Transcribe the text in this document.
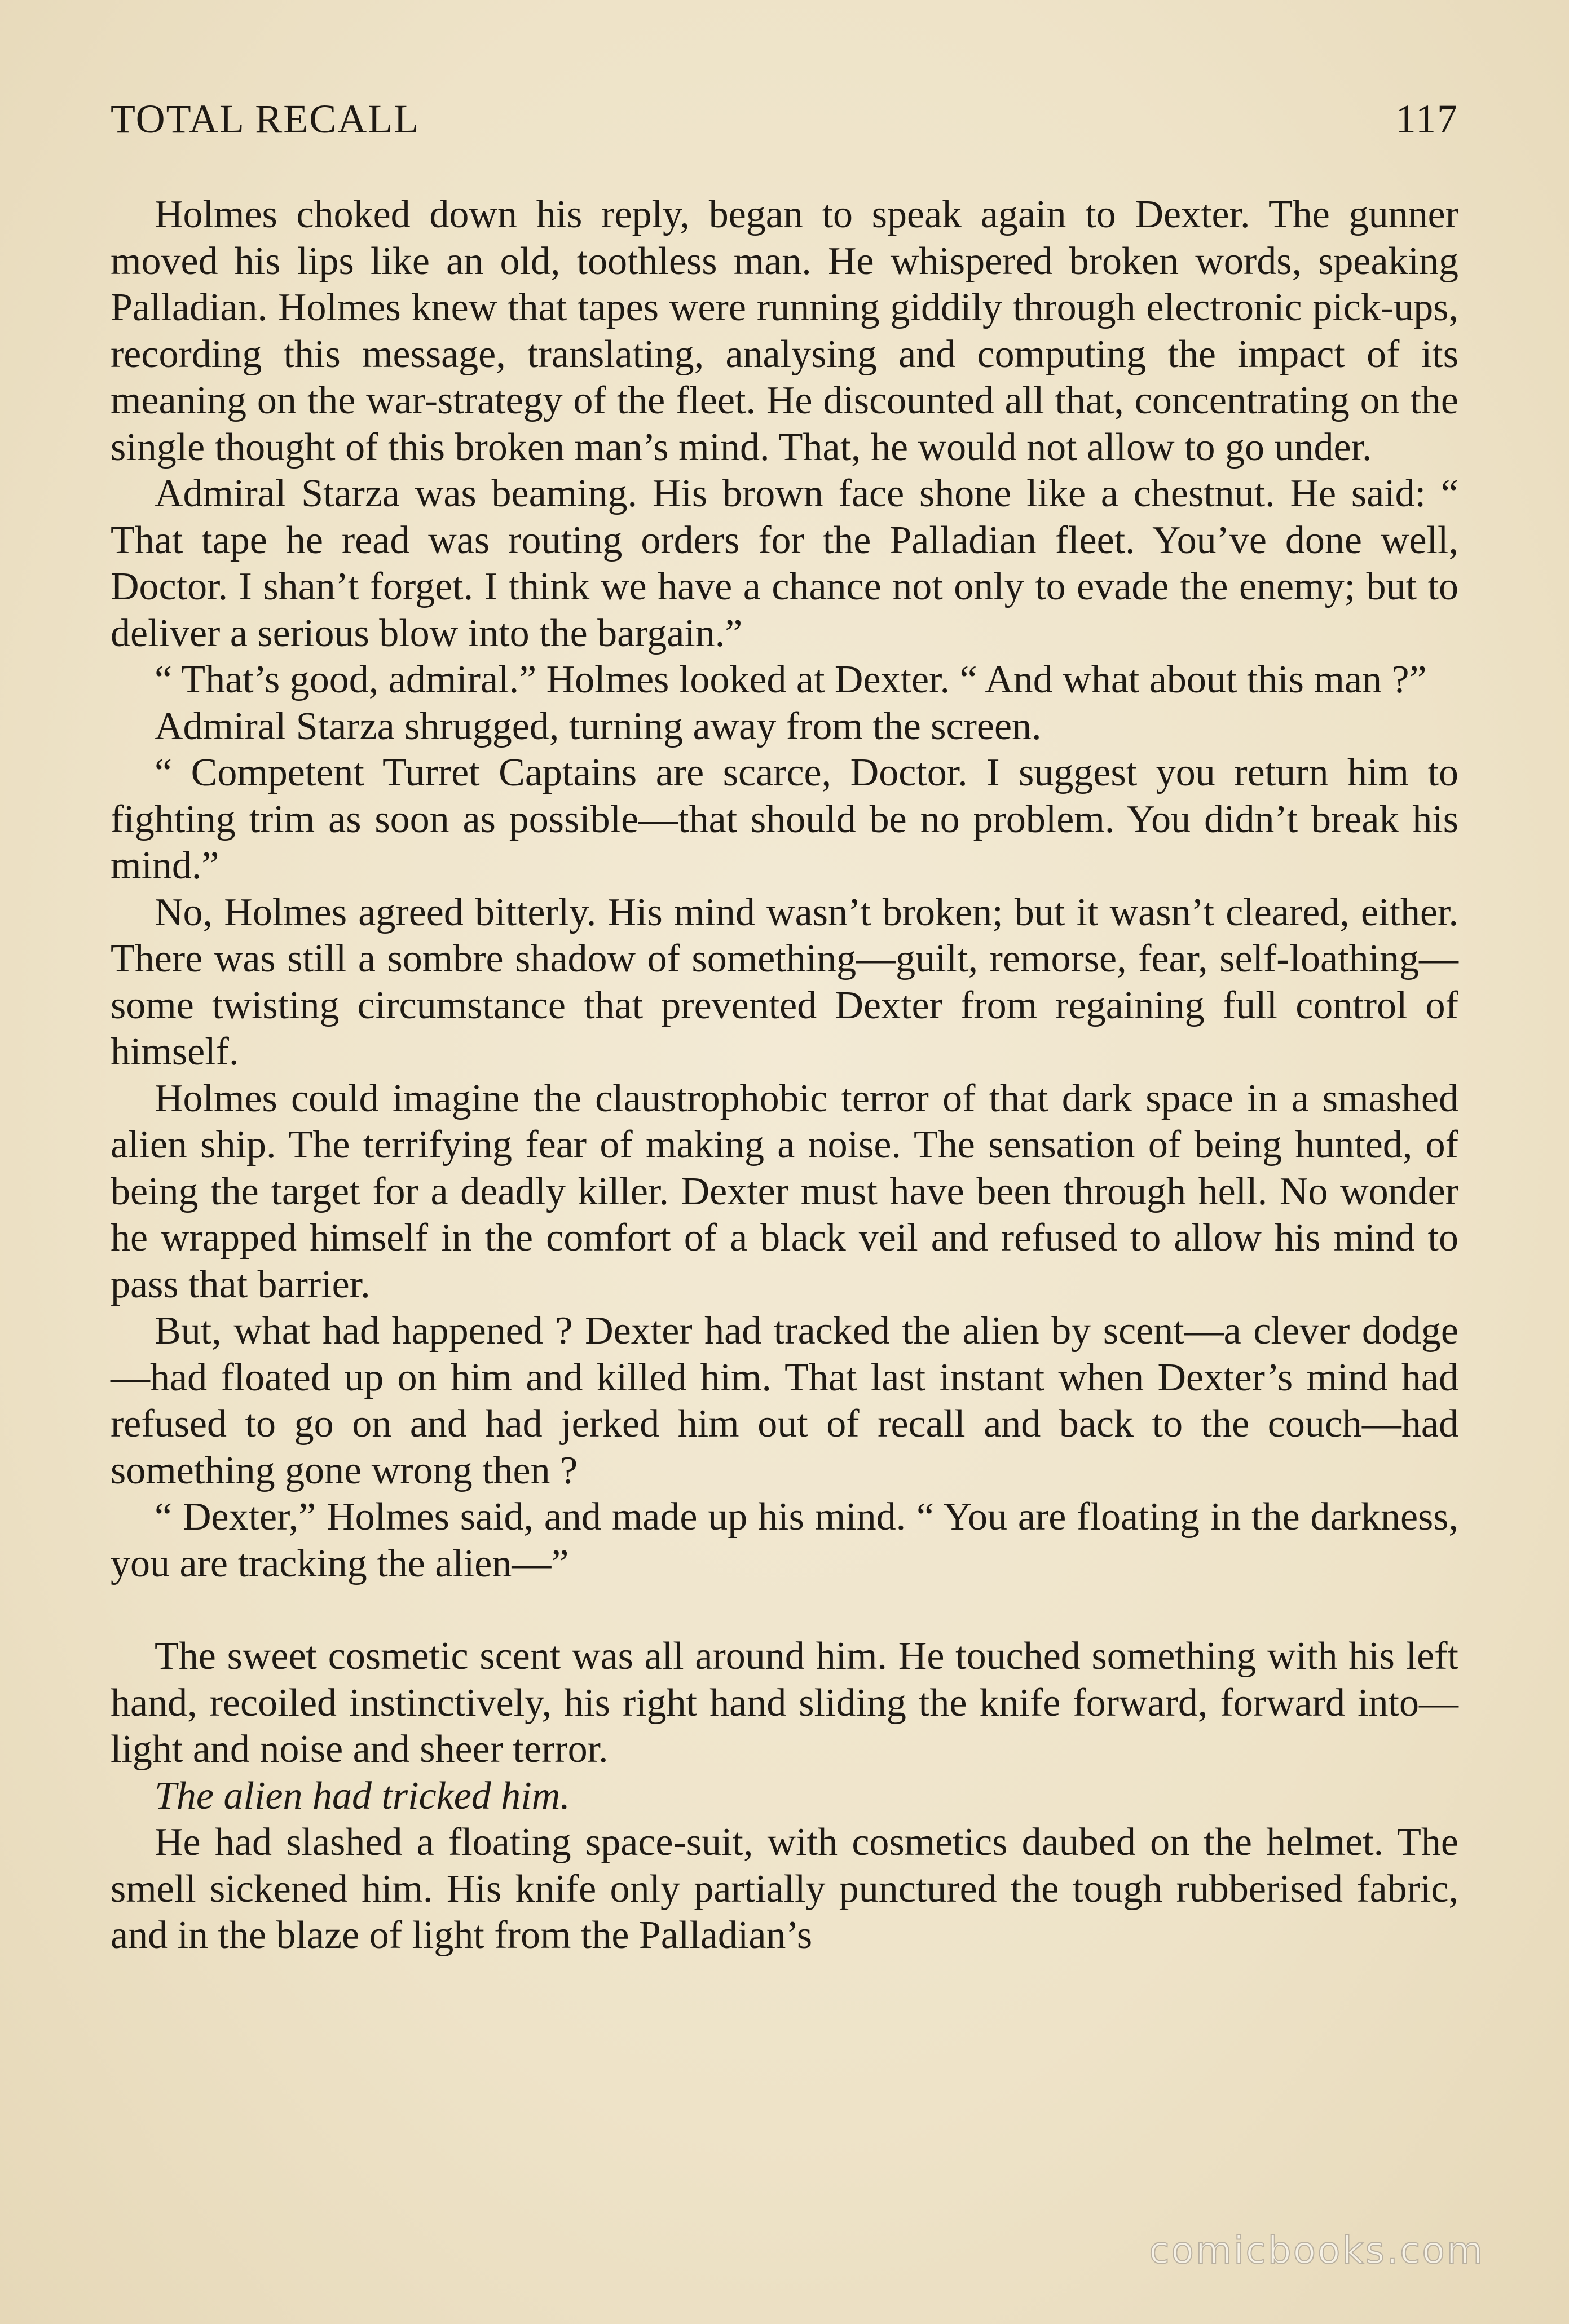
TOTAL RECALL	117

Holmes choked down his reply, began to speak again to Dexter. The gunner moved his lips like an old, toothless man. He whispered broken words, speaking Palladian. Holmes knew that tapes were running giddily through electronic pick-ups, recording this message, translating, analysing and computing the impact of its meaning on the war-strategy of the fleet. He discounted all that, concentrating on the single thought of this broken man’s mind. That, he would not allow to go under.

Admiral Starza was beaming. His brown face shone like a chestnut. He said: “ That tape he read was routing orders for the Palladian fleet. You’ve done well, Doctor. I shan’t forget. I think we have a chance not only to evade the enemy; but to deliver a serious blow into the bargain.”

“ That’s good, admiral.” Holmes looked at Dexter. “ And what about this man ?”

Admiral Starza shrugged, turning away from the screen.

“ Competent Turret Captains are scarce, Doctor. I suggest you return him to fighting trim as soon as possible—that should be no problem. You didn’t break his mind.”

No, Holmes agreed bitterly. His mind wasn’t broken; but it wasn’t cleared, either. There was still a sombre shadow of something—guilt, remorse, fear, self-loathing—some twisting circumstance that prevented Dexter from regaining full control of himself.

Holmes could imagine the claustrophobic terror of that dark space in a smashed alien ship. The terrifying fear of making a noise. The sensation of being hunted, of being the target for a deadly killer. Dexter must have been through hell. No wonder he wrapped himself in the comfort of a black veil and refused to allow his mind to pass that barrier.

But, what had happened ? Dexter had tracked the alien by scent—a clever dodge—had floated up on him and killed him. That last instant when Dexter’s mind had refused to go on and had jerked him out of recall and back to the couch—had something gone wrong then ?

“ Dexter,” Holmes said, and made up his mind. “ You are floating in the darkness, you are tracking the alien—”

The sweet cosmetic scent was all around him. He touched something with his left hand, recoiled instinctively, his right hand sliding the knife forward, forward into—light and noise and sheer terror.

The alien had tricked him.

He had slashed a floating space-suit, with cosmetics daubed on the helmet. The smell sickened him. His knife only partially punctured the tough rubberised fabric, and in the blaze of light from the Palladian’s

comicbooks.com
